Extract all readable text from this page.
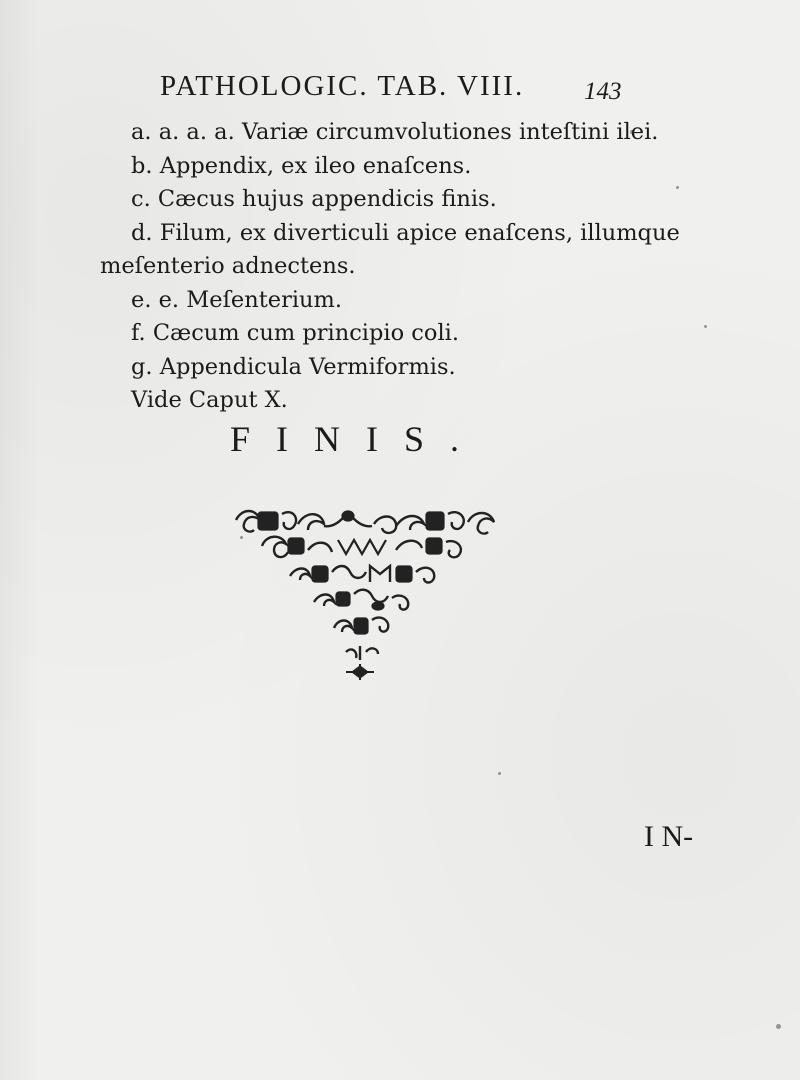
PATHOLOGIC. TAB. VIII. 143
a. a. a. a. Variæ circumvolutiones inteſtini ilei.
b. Appendix, ex ileo enaſcens.
c. Cæcus hujus appendicis finis.
d. Filum, ex diverticuli apice enaſcens, illumque
meſenterio adnectens.
e. e. Meſenterium.
f. Cæcum cum principio coli.
g. Appendicula Vermiformis.
Vide Caput X.
FINIS.
I N-
